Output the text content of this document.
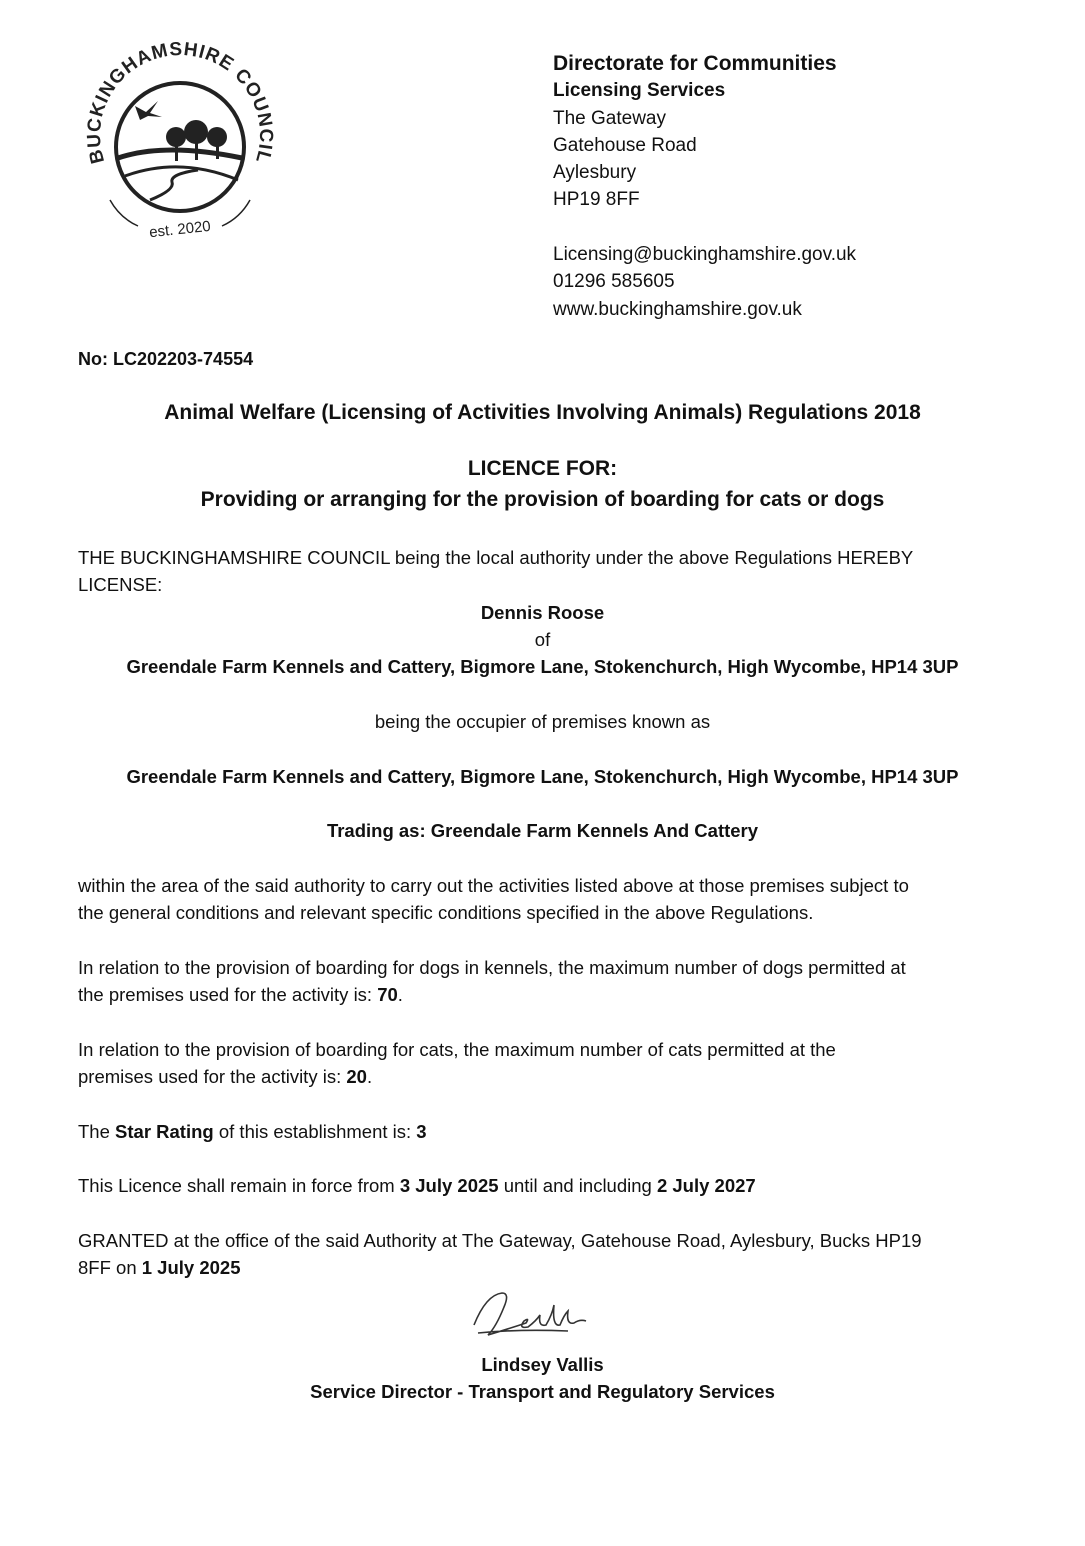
BUCKINGHAMSHIRE COUNCIL
est. 2020
Directorate for Communities
Licensing Services
The Gateway
Gatehouse Road
Aylesbury
HP19 8FF
Licensing@buckinghamshire.gov.uk
01296 585605
www.buckinghamshire.gov.uk
No: LC202203-74554
Animal Welfare (Licensing of Activities Involving Animals) Regulations 2018
LICENCE FOR:
Providing or arranging for the provision of boarding for cats or dogs
THE BUCKINGHAMSHIRE COUNCIL being the local authority under the above Regulations HEREBY
LICENSE:
Dennis Roose
of
Greendale Farm Kennels and Cattery, Bigmore Lane, Stokenchurch, High Wycombe, HP14 3UP
being the occupier of premises known as
Greendale Farm Kennels and Cattery, Bigmore Lane, Stokenchurch, High Wycombe, HP14 3UP
Trading as: Greendale Farm Kennels And Cattery
within the area of the said authority to carry out the activities listed above at those premises subject to
the general conditions and relevant specific conditions specified in the above Regulations.
In relation to the provision of boarding for dogs in kennels, the maximum number of dogs permitted at
the premises used for the activity is: 70.
In relation to the provision of boarding for cats, the maximum number of cats permitted at the
premises used for the activity is: 20.
The Star Rating of this establishment is: 3
This Licence shall remain in force from 3 July 2025 until and including 2 July 2027
GRANTED at the office of the said Authority at The Gateway, Gatehouse Road, Aylesbury, Bucks HP19
8FF on 1 July 2025
Lindsey Vallis
Service Director - Transport and Regulatory Services
